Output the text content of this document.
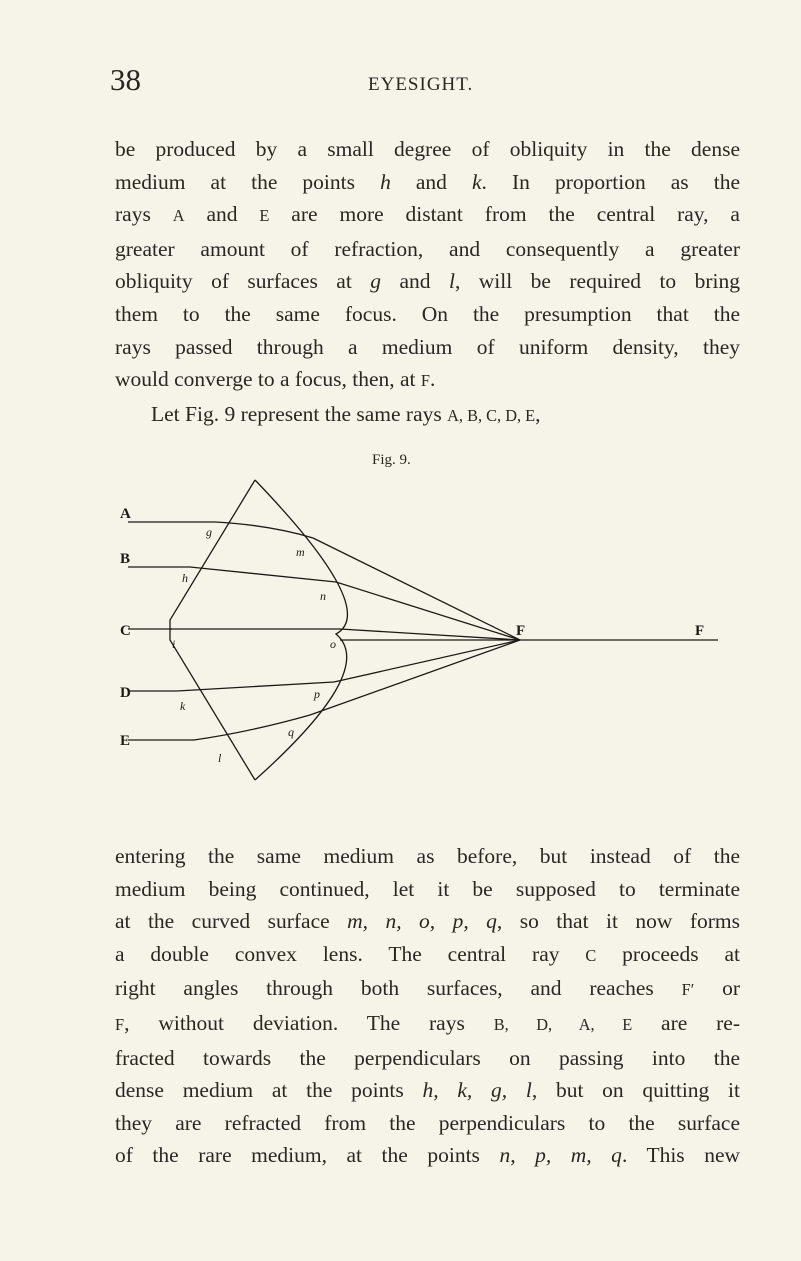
38	EYESIGHT.
be produced by a small degree of obliquity in the dense
medium at the points h and k. In proportion as the
rays A and E are more distant from the central ray, a
greater amount of refraction, and consequently a greater
obliquity of surfaces at g and l, will be required to bring
them to the same focus. On the presumption that the
rays passed through a medium of uniform density, they
would converge to a focus, then, at F.
Let Fig. 9 represent the same rays A, B, C, D, E,
Fig. 9.
A
B
C
D
E
F	F
g
m
h
n
i	o
k
p
l
q
entering the same medium as before, but instead of the
medium being continued, let it be supposed to terminate
at the curved surface m, n, o, p, q, so that it now forms
a double convex lens. The central ray C proceeds at
right angles through both surfaces, and reaches F′ or
F, without deviation. The rays B, D, A, E are re-
fracted towards the perpendiculars on passing into the
dense medium at the points h, k, g, l, but on quitting it
they are refracted from the perpendiculars to the surface
of the rare medium, at the points n, p, m, q. This new
